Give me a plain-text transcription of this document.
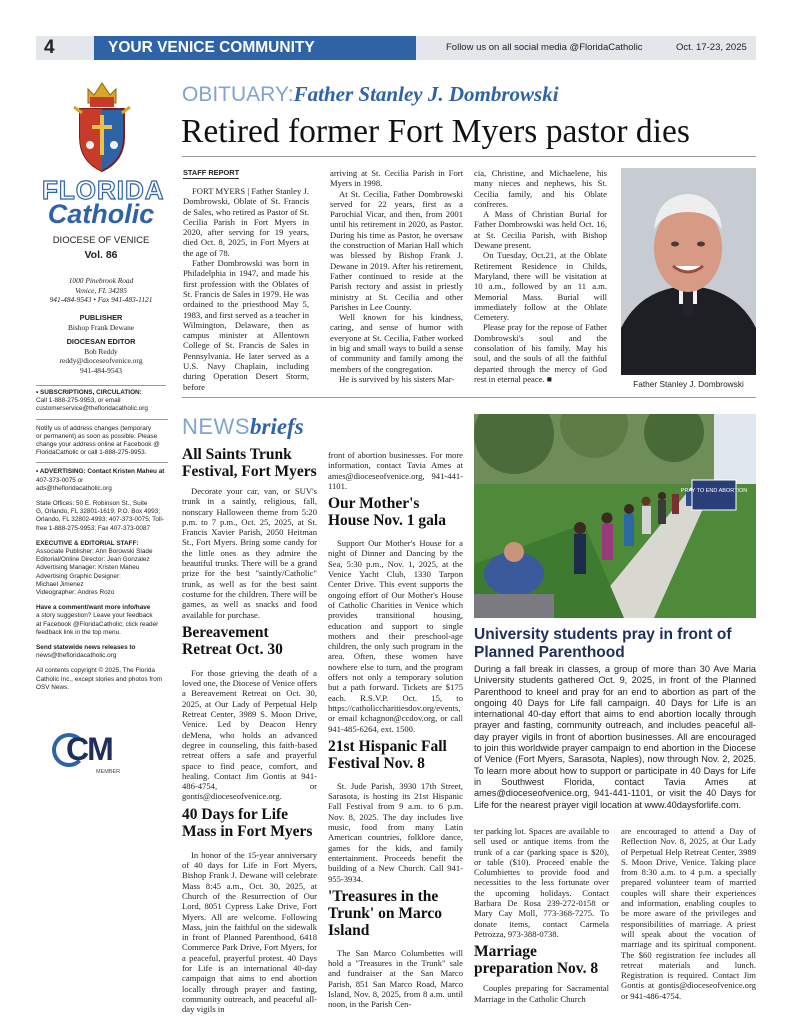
4	YOUR VENICE COMMUNITY	Follow us on all social media @FloridaCatholic	Oct. 17-23, 2025
FLORIDA
Catholic
DIOCESE OF VENICE
Vol. 86
1000 Pinebrook Road
Venice, FL 34285
941-484-9543 • Fax 941-483-1121
PUBLISHER
Bishop Frank Dewane
DIOCESAN EDITOR
Bob Reddy
reddy@dioceseofvenice.org
941-484-9543

• SUBSCRIPTIONS, CIRCULATION:
Call 1-888-275-9953, or email
customerservice@thefloridacatholic.org

Notify us of address changes (temporary
or permanent) as soon as possible. Please
change your address online at Facebook @
FloridaCatholic or call 1-888-275-9953.

• ADVERTISING: Contact Kristen Maheu at
407-373-0075 or
ads@thefloridacatholic.org

State Offices: 50 E. Robinson St., Suite
G, Orlando, FL 32801-1619; P.O. Box 4993;
Orlando, FL 32802-4993; 407-373-0075; Toll-
free 1-888-275-9953; Fax 407-373-0087

EXECUTIVE & EDITORIAL STAFF:
Associate Publisher: Ann Borowski Slade
Editorial/Online Director: Jean Gonzalez
Advertising Manager: Kristen Maheu
Advertising Graphic Designer:
Michael Jimenez
Videographer: Andres Rozo

Have a comment/want more info/have
a story suggestion? Leave your feedback
at Facebook @FloridaCatholic; click reader
feedback link in the top menu.

Send statewide news releases to
news@thefloridacatholic.org

All contents copyright © 2025, The Florida
Catholic Inc., except stories and photos from
OSV News.

CM
MEMBER
OBITUARY:Father Stanley J. Dombrowski
Retired former Fort Myers pastor dies
STAFF REPORT

FORT MYERS | Father Stanley J. Dombrowski, Oblate of St. Francis de Sales, who retired as Pastor of St. Cecilia Parish in Fort Myers in 2020, after serving for 19 years, died Oct. 8, 2025, in Fort Myers at the age of 78.

Father Dombrowski was born in Philadelphia in 1947, and made his first profession with the Oblates of St. Francis de Sales in 1979. He was ordained to the priesthood May 5, 1983, and first served as a teacher in Wilmington, Delaware, then as campus minister at Allentown College of St. Francis de Sales in Pennsylvania. He later served as a U.S. Navy Chaplain, including during Operation Desert Storm, before

arriving at St. Cecilia Parish in Fort Myers in 1998.

At St. Cecilia, Father Dombrowski served for 22 years, first as a Parochial Vicar, and then, from 2001 until his retirement in 2020, as Pastor. During his time as Pastor, he oversaw the construction of Marian Hall which was blessed by Bishop Frank J. Dewane in 2019. After his retirement, Father continued to reside at the Parish rectory and assist in priestly ministry at St. Cecilia and other Parishes in Lee County.

Well known for his kindness, caring, and sense of humor with everyone at St. Cecilia, Father worked in big and small ways to build a sense of community and family among the members of the congregation.

He is survived by his sisters Mar-

cia, Christine, and Michaelene, his many nieces and nephews, his St. Cecilia family, and his Oblate confreres.

A Mass of Christian Burial for Father Dombrowski was held Oct. 16, at St. Cecilia Parish, with Bishop Dewane present.

On Tuesday, Oct.21, at the Oblate Retirement Residence in Childs, Maryland, there will be visitation at 10 a.m., followed by an 11 a.m. Memorial Mass. Burial will immediately follow at the Oblate Cemetery.

Please pray for the repose of Father Dombrowski's soul and the consolation of his family. May his soul, and the souls of all the faithful departed through the mercy of God rest in eternal peace. ■

Father Stanley J. Dombrowski
NEWSbriefs
All Saints Trunk Festival, Fort Myers

Decorate your car, van, or SUV's trunk in a saintly, religious, fall, nonscary Halloween theme from 5:20 p.m. to 7 p.m., Oct. 25, 2025, at St. Francis Xavier Parish, 2050 Heitman St., Fort Myers. Bring some candy for the little ones as they admire the beautiful trunks. There will be a grand prize for the best "saintly/Catholic" trunk, as well as for the best saint costume for the children. There will be games, as well as snacks and food available for purchase.

Bereavement Retreat Oct. 30

For those grieving the death of a loved one, the Diocese of Venice offers a Bereavement Retreat on Oct. 30, 2025, at Our Lady of Perpetual Help Retreat Center, 3989 S. Moon Drive, Venice. Led by Deacon Henry deMena, who holds an advanced degree in counseling, this faith-based retreat offers a safe and prayerful space to find peace, comfort, and healing. Contact Jim Gontis at 941-486-4754, or gontis@dioceseofvenice.org.

40 Days for Life Mass in Fort Myers

In honor of the 15-year anniversary of 40 days for Life in Fort Myers, Bishop Frank J. Dewane will celebrate Mass 8:45 a.m., Oct. 30, 2025, at Church of the Resurrection of Our Lord, 8051 Cypress Lake Drive, Fort Myers. All are welcome. Following Mass, join the faithful on the sidewalk in front of Planned Parenthood, 6418 Commerce Park Drive, Fort Myers, for a peaceful, prayerful protest. 40 Days for Life is an international 40-day campaign that aims to end abortion locally through prayer and fasting, community outreach, and peaceful all-day vigils in

front of abortion businesses. For more information, contact Tavia Ames at ames@dioceseofvenice.org, 941-441-1101.

Our Mother's House Nov. 1 gala

Support Our Mother's House for a night of Dinner and Dancing by the Sea, 5:30 p.m., Nov. 1, 2025, at the Venice Yacht Club, 1330 Tarpon Center Drive. This event supports the ongoing effort of Our Mother's House of Catholic Charities in Venice which provides transitional housing, education and support to single mothers and their preschool-age children, the only such program in the area. Often, these women have nowhere else to turn, and the program offers not only a temporary solution but a path forward. Tickets are $175 each. R.S.V.P. Oct. 15, to https://catholiccharitiesdov.org/events, or email kchagnon@ccdov.org, or call 941-485-6264, ext. 1500.

21st Hispanic Fall Festival Nov. 8

St. Jude Parish, 3930 17th Street, Sarasota, is hosting its 21st Hispanic Fall Festival from 9 a.m. to 6 p.m. Nov. 8, 2025. The day includes live music, food from many Latin American countries, folklore dance, games for the kids, and family entertainment. Proceeds benefit the building of a New Church. Call 941-955-3934.

'Treasures in the Trunk' on Marco Island

The San Marco Columbettes will hold a "Treasures in the Trunk" sale and fundraiser at the San Marco Parish, 851 San Marco Road, Marco Island, Nov. 8, 2025, from 8 a.m. until noon, in the Parish Cen-

PRAY TO END ABORTION
University students pray in front of Planned Parenthood

During a fall break in classes, a group of more than 30 Ave Maria University students gathered Oct. 9, 2025, in front of the Planned Parenthood to kneel and pray for an end to abortion as part of the ongoing 40 Days for Life fall campaign. 40 Days for Life is an international 40-day effort that aims to end abortion locally through prayer and fasting, community outreach, and includes peaceful all-day prayer vigils in front of abortion businesses. All are encouraged to join this worldwide prayer campaign to end abortion in the Diocese of Venice (Fort Myers, Sarasota, Naples), now through Nov. 2, 2025. To learn more about how to support or participate in 40 Days for Life in Southwest Florida, contact Tavia Ames at ames@dioceseofvenice.org, 941-441-1101, or visit the 40 Days for Life for the nearest prayer vigil location at www.40daysforlife.com.

ter parking lot. Spaces are available to sell used or antique items from the trunk of a car (parking space is $20), or table ($10). Proceed enable the Columbiettes to provide food and necessities to the less fortunate over the upcoming holidays. Contact Barbara De Rosa 239-272-0158 or Mary Cay Moll, 773-368-7275. To donate items, contact Carmela Petrozza, 973-388-0738.

Marriage preparation Nov. 8

Couples preparing for Sacramental Marriage in the Catholic Church

are encouraged to attend a Day of Reflection Nov. 8, 2025, at Our Lady of Perpetual Help Retreat Center, 3989 S. Moon Drive, Venice. Taking place from 8:30 a.m. to 4 p.m. a specially prepared volunteer team of married couples will share their experiences and information, enabling couples to be more aware of the privileges and responsibilities of marriage. A priest will speak about the vocation of marriage and its spiritual component. The $60 registration fee includes all retreat materials and lunch. Registration is required. Contact Jim Gontis at gontis@dioceseofvenice.org or 941-486-4754.
